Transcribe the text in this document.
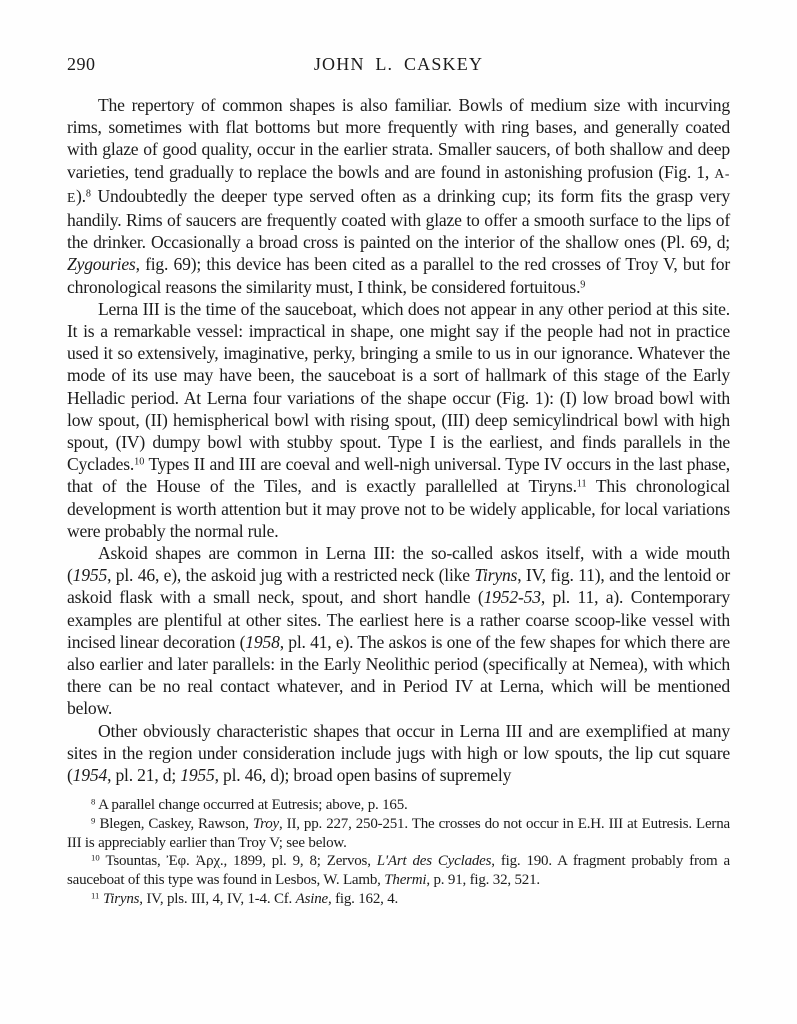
290	JOHN L. CASKEY

The repertory of common shapes is also familiar. Bowls of medium size with incurving rims, sometimes with flat bottoms but more frequently with ring bases, and generally coated with glaze of good quality, occur in the earlier strata. Smaller saucers, of both shallow and deep varieties, tend gradually to replace the bowls and are found in astonishing profusion (Fig. 1, A-E).$^8$ Undoubtedly the deeper type served often as a drinking cup; its form fits the grasp very handily. Rims of saucers are frequently coated with glaze to offer a smooth surface to the lips of the drinker. Occasionally a broad cross is painted on the interior of the shallow ones (Pl. 69, d; Zygouries, fig. 69); this device has been cited as a parallel to the red crosses of Troy V, but for chronological reasons the similarity must, I think, be considered fortuitous.$^9$

Lerna III is the time of the sauceboat, which does not appear in any other period at this site. It is a remarkable vessel: impractical in shape, one might say if the people had not in practice used it so extensively, imaginative, perky, bringing a smile to us in our ignorance. Whatever the mode of its use may have been, the sauceboat is a sort of hallmark of this stage of the Early Helladic period. At Lerna four variations of the shape occur (Fig. 1): (I) low broad bowl with low spout, (II) hemispherical bowl with rising spout, (III) deep semicylindrical bowl with high spout, (IV) dumpy bowl with stubby spout. Type I is the earliest, and finds parallels in the Cyclades.$^{10}$ Types II and III are coeval and well-nigh universal. Type IV occurs in the last phase, that of the House of the Tiles, and is exactly parallelled at Tiryns.$^{11}$ This chronological development is worth attention but it may prove not to be widely applicable, for local variations were probably the normal rule.

Askoid shapes are common in Lerna III: the so-called askos itself, with a wide mouth (1955, pl. 46, e), the askoid jug with a restricted neck (like Tiryns, IV, fig. 11), and the lentoid or askoid flask with a small neck, spout, and short handle (1952-53, pl. 11, a). Contemporary examples are plentiful at other sites. The earliest here is a rather coarse scoop-like vessel with incised linear decoration (1958, pl. 41, e). The askos is one of the few shapes for which there are also earlier and later parallels: in the Early Neolithic period (specifically at Nemea), with which there can be no real contact whatever, and in Period IV at Lerna, which will be mentioned below.

Other obviously characteristic shapes that occur in Lerna III and are exemplified at many sites in the region under consideration include jugs with high or low spouts, the lip cut square (1954, pl. 21, d; 1955, pl. 46, d); broad open basins of supremely

$^8$ A parallel change occurred at Eutresis; above, p. 165.

$^9$ Blegen, Caskey, Rawson, Troy, II, pp. 227, 250-251. The crosses do not occur in E.H. III at Eutresis. Lerna III is appreciably earlier than Troy V; see below.

$^{10}$ Tsountas, Ἐφ. Ἀρχ., 1899, pl. 9, 8; Zervos, L'Art des Cyclades, fig. 190. A fragment probably from a sauceboat of this type was found in Lesbos, W. Lamb, Thermi, p. 91, fig. 32, 521.

$^{11}$ Tiryns, IV, pls. III, 4, IV, 1-4. Cf. Asine, fig. 162, 4.
